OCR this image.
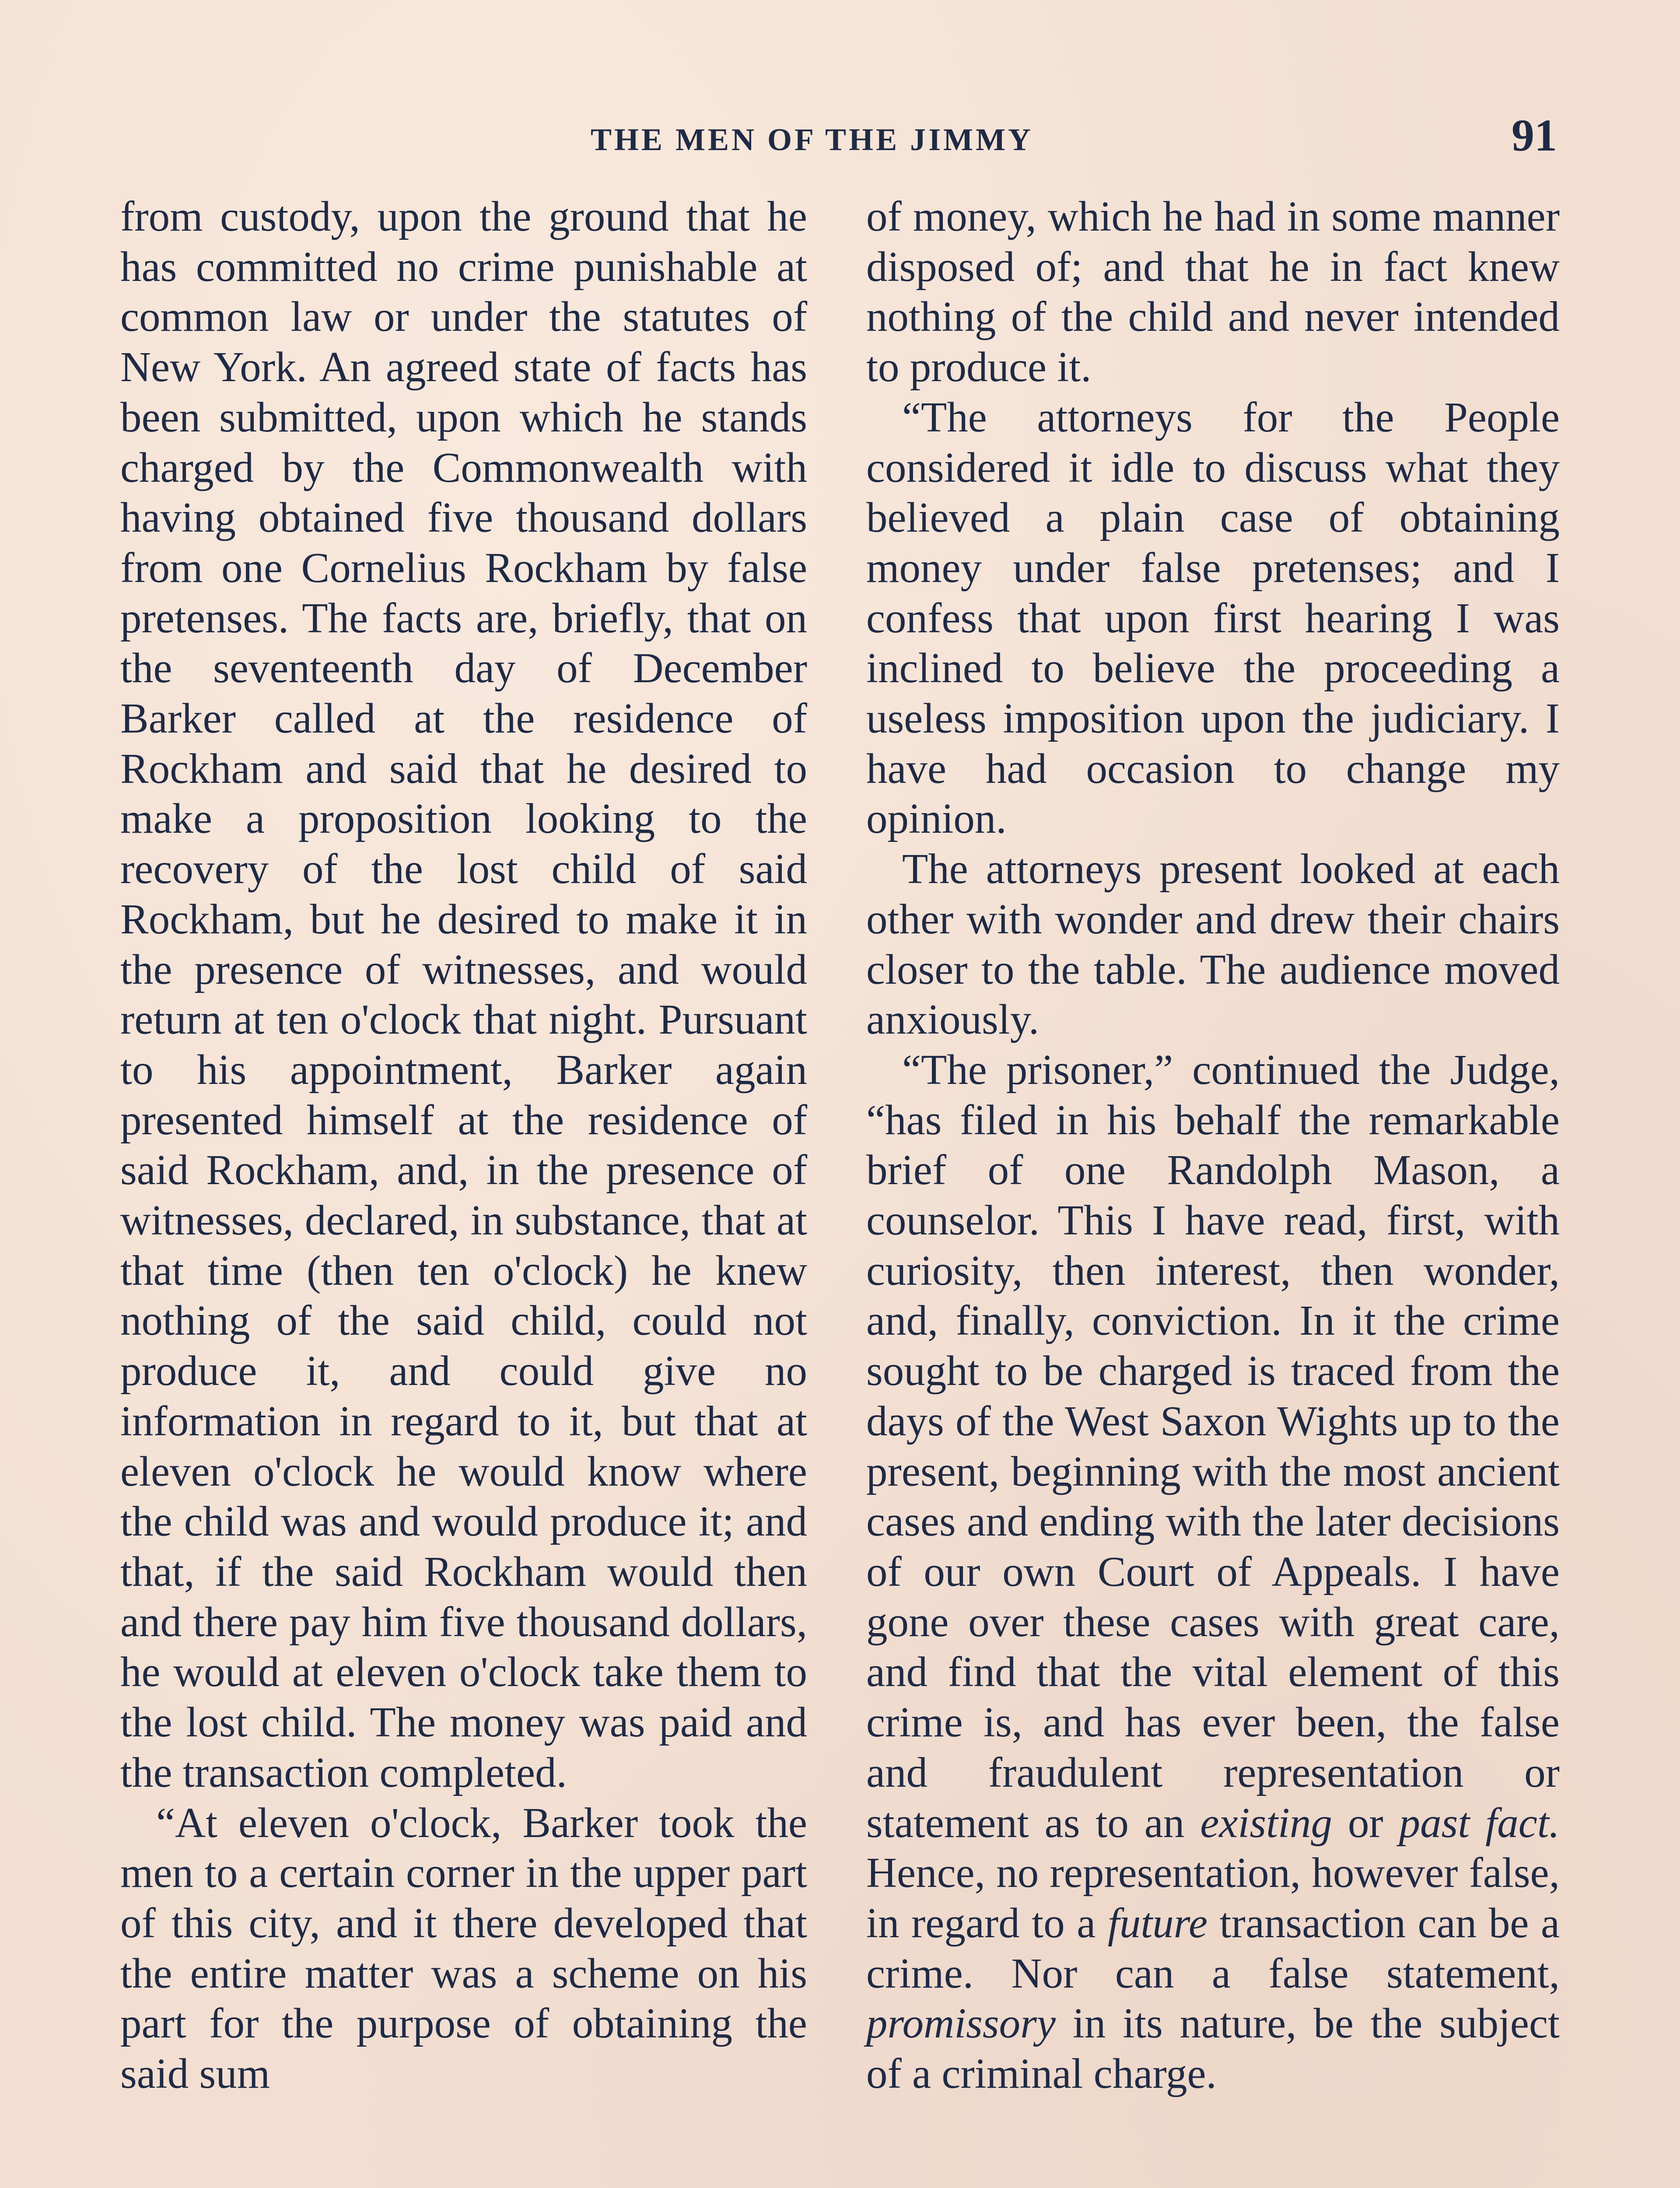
THE MEN OF THE JIMMY	91

from custody, upon the ground that he has committed no crime punishable at common law or under the statutes of New York. An agreed state of facts has been submitted, upon which he stands charged by the Commonwealth with having obtained five thousand dollars from one Cornelius Rockham by false pretenses. The facts are, briefly, that on the seventeenth day of December Barker called at the residence of Rockham and said that he desired to make a proposition looking to the recovery of the lost child of said Rockham, but he desired to make it in the presence of witnesses, and would return at ten o'clock that night. Pursuant to his appointment, Barker again presented himself at the residence of said Rockham, and, in the presence of witnesses, declared, in substance, that at that time (then ten o'clock) he knew nothing of the said child, could not produce it, and could give no information in regard to it, but that at eleven o'clock he would know where the child was and would produce it; and that, if the said Rockham would then and there pay him five thousand dollars, he would at eleven o'clock take them to the lost child. The money was paid and the transaction completed.

“At eleven o'clock, Barker took the men to a certain corner in the upper part of this city, and it there developed that the entire matter was a scheme on his part for the purpose of obtaining the said sum

of money, which he had in some manner disposed of; and that he in fact knew nothing of the child and never intended to produce it.

“The attorneys for the People considered it idle to discuss what they believed a plain case of obtaining money under false pretenses; and I confess that upon first hearing I was inclined to believe the proceeding a useless imposition upon the judiciary. I have had occasion to change my opinion.

The attorneys present looked at each other with wonder and drew their chairs closer to the table. The audience moved anxiously.

“The prisoner,” continued the Judge, “has filed in his behalf the remarkable brief of one Randolph Mason, a counselor. This I have read, first, with curiosity, then interest, then wonder, and, finally, conviction. In it the crime sought to be charged is traced from the days of the West Saxon Wights up to the present, beginning with the most ancient cases and ending with the later decisions of our own Court of Appeals. I have gone over these cases with great care, and find that the vital element of this crime is, and has ever been, the false and fraudulent representation or statement as to an existing or past fact. Hence, no representation, however false, in regard to a future transaction can be a crime. Nor can a false statement, promissory in its nature, be the subject of a criminal charge.
